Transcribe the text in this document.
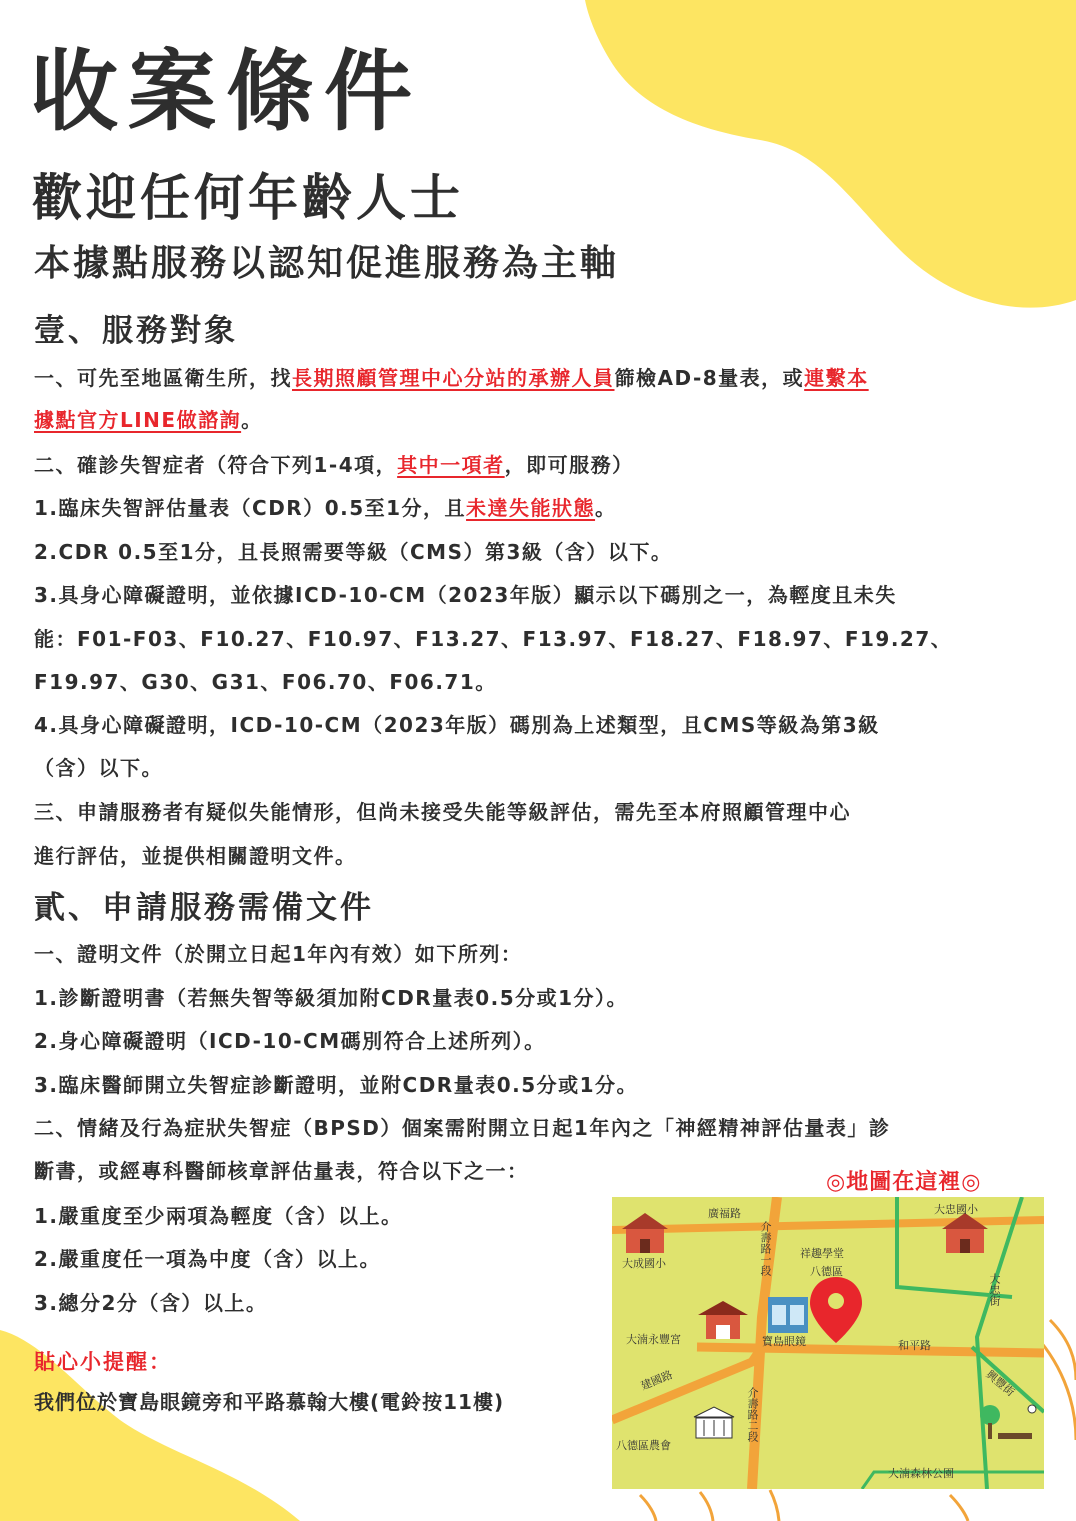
收案條件
歡迎任何年齡人士
本據點服務以認知促進服務為主軸
壹、服務對象

一、可先至地區衛生所，找長期照顧管理中心分站的承辦人員篩檢AD-8量表，或連繫本

據點官方LINE做諮詢。

二、確診失智症者（符合下列1-4項，其中一項者，即可服務）

1.臨床失智評估量表（CDR）0.5至1分，且未達失能狀態。

2.CDR 0.5至1分，且長照需要等級（CMS）第3級（含）以下。

3.具身心障礙證明，並依據ICD-10-CM（2023年版）顯示以下碼別之一，為輕度且未失

能：F01-F03、F10.27、F10.97、F13.27、F13.97、F18.27、F18.97、F19.27、

F19.97、G30、G31、F06.70、F06.71。

4.具身心障礙證明，ICD-10-CM（2023年版）碼別為上述類型，且CMS等級為第3級

（含）以下。

三、申請服務者有疑似失能情形，但尚未接受失能等級評估，需先至本府照顧管理中心

進行評估，並提供相關證明文件。

貳、申請服務需備文件

一、證明文件（於開立日起1年內有效）如下所列：

1.診斷證明書（若無失智等級須加附CDR量表0.5分或1分）。

2.身心障礙證明（ICD-10-CM碼別符合上述所列）。

3.臨床醫師開立失智症診斷證明，並附CDR量表0.5分或1分。

二、情緒及行為症狀失智症（BPSD）個案需附開立日起1年內之「神經精神評估量表」診

斷書，或經專科醫師核章評估量表，符合以下之一：

1.嚴重度至少兩項為輕度（含）以上。

2.嚴重度任一項為中度（含）以上。

3.總分2分（含）以上。

貼心小提醒：

我們位於寶島眼鏡旁和平路慕翰大樓(電鈴按11樓)

◎地圖在這裡◎

廣福路
介壽路一段
介壽路二段
大成國小
大忠國小
大忠街
祥趣學堂
八德區
大湳永豐宮	寶島眼鏡	和平路
建國路	興豐街
八德區農會
大湳森林公園
